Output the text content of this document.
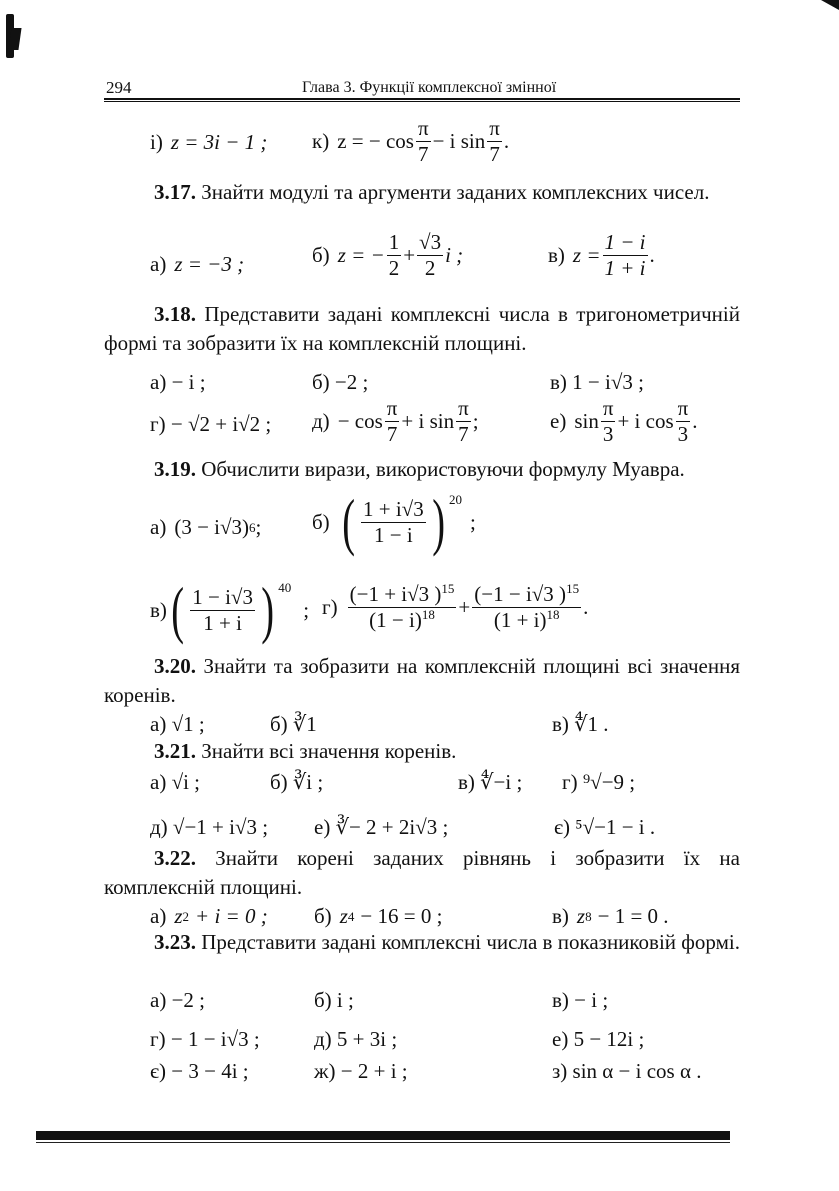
294	Глава 3. Функції комплексної змінної
і) z = 3i − 1 ; к) z = − $\cos \frac{\pi}{7} - i$ $\sin \frac{\pi}{7}$ .
3.17. Знайти модулі та аргументи заданих комплексних чисел.
а) z = −3 ;	б) z = − $\frac{1}{2} + \frac{√3}{2}$ i ;	в) $z = \frac{1 - i}{1 + i}$ .
3.18. Представити задані комплексні числа в тригонометричній формі та зобразити їх на комплексній площині.
а) − i ;	б) −2 ;	в) 1 − i√3 ;
г) − √2 + i√2 ; $д) - \cos \frac{\pi}{7} + i$ $\sin \frac{\pi}{7}$ ;	е) $\sin \frac{\pi}{3} + i$ $\cos \frac{\pi}{3}$ .
3.19. Обчислити вирази, використовуючи формулу Муавра.
а) (3 − i√3) 6 ; б) ( $\frac{1 + i√3}{1 - i}$ ) $^{20}$
;
в) ( $\frac{1 - i√3}{1 + i}$ ) $^{40}$
; $г) \frac{(-1 + i√3 )^{15}}{(1 - i)^{18}} + \frac{(-1 - i√3 )^{15}}{(1 + i)^{18}}$ .
3.20. Знайти та зобразити на комплексній площині всі значення коренів.
а) √1 ;	б) ∛1	в) ∜1 .
3.21. Знайти всі значення коренів.
а) √i ;	б) ∛i ;	в) ∜−i ; г) ⁹√−9 ;
д) √−1 + i√3 ; е) ∛− 2 + 2i√3 ;	є) ⁵√−1 − i .
3.22. Знайти корені заданих рівнянь і зобразити їх на комплексній площині.
а) z 2 + i = 0 ; б) z 4 − 16 = 0 ;	в) z 8 − 1 = 0 .
3.23. Представити задані комплексні числа в показниковій формі.
а) −2 ;	б) i ;	в) − i ;
г) − 1 − i√3 ;	д) 5 + 3i ;	е) 5 − 12i ;
є) − 3 − 4i ;	ж) − 2 + i ;	з) sin α − i cos α .
